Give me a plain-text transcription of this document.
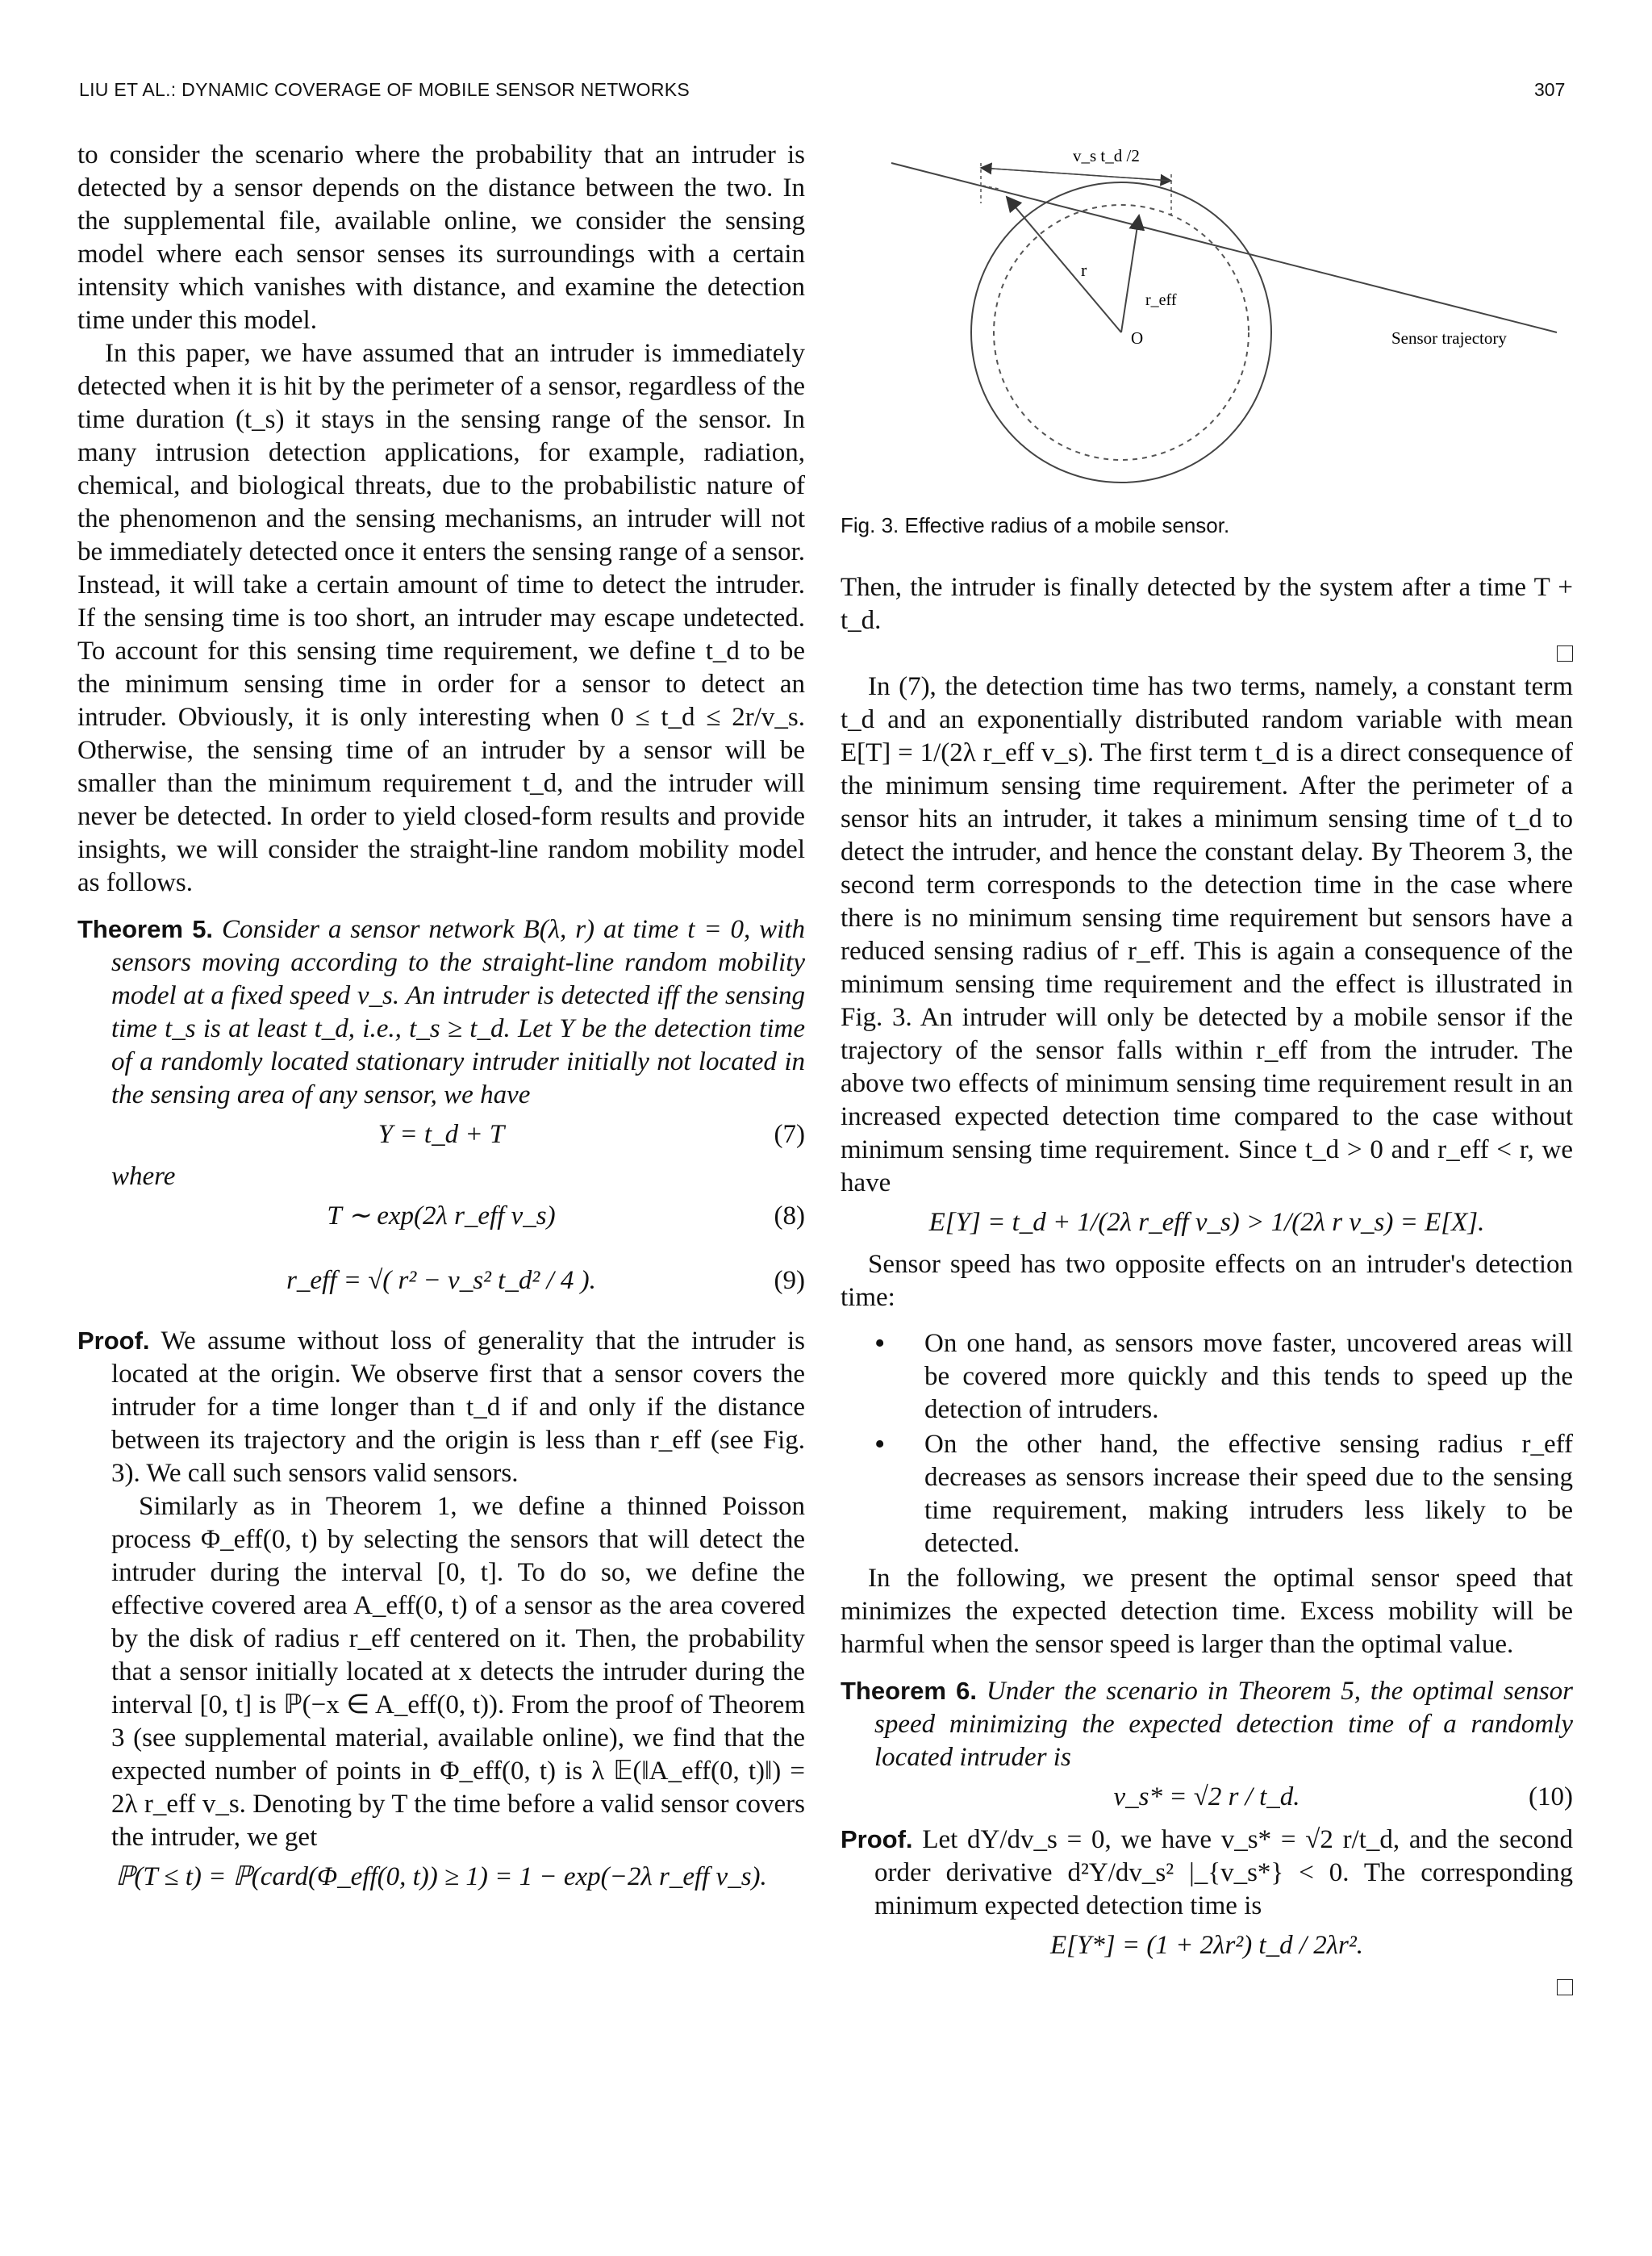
LIU ET AL.: DYNAMIC COVERAGE OF MOBILE SENSOR NETWORKS	307

to consider the scenario where the probability that an intruder is detected by a sensor depends on the distance between the two. In the supplemental file, available online, we consider the sensing model where each sensor senses its surroundings with a certain intensity which vanishes with distance, and examine the detection time under this model.

In this paper, we have assumed that an intruder is immediately detected when it is hit by the perimeter of a sensor, regardless of the time duration (t_s) it stays in the sensing range of the sensor. In many intrusion detection applications, for example, radiation, chemical, and biological threats, due to the probabilistic nature of the phenomenon and the sensing mechanisms, an intruder will not be immediately detected once it enters the sensing range of a sensor. Instead, it will take a certain amount of time to detect the intruder. If the sensing time is too short, an intruder may escape undetected. To account for this sensing time requirement, we define t_d to be the minimum sensing time in order for a sensor to detect an intruder. Obviously, it is only interesting when 0 ≤ t_d ≤ 2r/v_s. Otherwise, the sensing time of an intruder by a sensor will be smaller than the minimum requirement t_d, and the intruder will never be detected. In order to yield closed-form results and provide insights, we will consider the straight-line random mobility model as follows.

Theorem 5. Consider a sensor network B(λ, r) at time t = 0, with sensors moving according to the straight-line random mobility model at a fixed speed v_s. An intruder is detected iff the sensing time t_s is at least t_d, i.e., t_s ≥ t_d. Let Y be the detection time of a randomly located stationary intruder initially not located in the sensing area of any sensor, we have

Y = t_d + T	(7)

where

T ∼ exp(2λ r_eff v_s)	(8)
r_eff = √( r² − v_s² t_d² / 4 ).	(9)

Proof. We assume without loss of generality that the intruder is located at the origin. We observe first that a sensor covers the intruder for a time longer than t_d if and only if the distance between its trajectory and the origin is less than r_eff (see Fig. 3). We call such sensors valid sensors.

Similarly as in Theorem 1, we define a thinned Poisson process Φ_eff(0, t) by selecting the sensors that will detect the intruder during the interval [0, t]. To do so, we define the effective covered area A_eff(0, t) of a sensor as the area covered by the disk of radius r_eff centered on it. Then, the probability that a sensor initially located at x detects the intruder during the interval [0, t] is ℙ(−x ∈ A_eff(0, t)). From the proof of Theorem 3 (see supplemental material, available online), we find that the expected number of points in Φ_eff(0, t) is λ 𝔼(‖A_eff(0, t)‖) = 2λ r_eff v_s. Denoting by T the time before a valid sensor covers the intruder, we get

ℙ(T ≤ t) = ℙ(card(Φ_eff(0, t)) ≥ 1) = 1 − exp(−2λ r_eff v_s).
v_s t_d /2
r
r_eff
O	Sensor trajectory
Fig. 3. Effective radius of a mobile sensor.

Then, the intruder is finally detected by the system after a time T + t_d.

In (7), the detection time has two terms, namely, a constant term t_d and an exponentially distributed random variable with mean E[T] = 1/(2λ r_eff v_s). The first term t_d is a direct consequence of the minimum sensing time requirement. After the perimeter of a sensor hits an intruder, it takes a minimum sensing time of t_d to detect the intruder, and hence the constant delay. By Theorem 3, the second term corresponds to the detection time in the case where there is no minimum sensing time requirement but sensors have a reduced sensing radius of r_eff. This is again a consequence of the minimum sensing time requirement and the effect is illustrated in Fig. 3. An intruder will only be detected by a mobile sensor if the trajectory of the sensor falls within r_eff from the intruder. The above two effects of minimum sensing time requirement result in an increased expected detection time compared to the case without minimum sensing time requirement. Since t_d > 0 and r_eff < r, we have

E[Y] = t_d + 1/(2λ r_eff v_s) > 1/(2λ r v_s) = E[X].

Sensor speed has two opposite effects on an intruder's detection time:

• On one hand, as sensors move faster, uncovered areas will be covered more quickly and this tends to speed up the detection of intruders.
• On the other hand, the effective sensing radius r_eff decreases as sensors increase their speed due to the sensing time requirement, making intruders less likely to be detected.

In the following, we present the optimal sensor speed that minimizes the expected detection time. Excess mobility will be harmful when the sensor speed is larger than the optimal value.

Theorem 6. Under the scenario in Theorem 5, the optimal sensor speed minimizing the expected detection time of a randomly located intruder is

v_s* = √2 r / t_d.	(10)

Proof. Let dY/dv_s = 0, we have v_s* = √2 r/t_d, and the second order derivative d²Y/dv_s² |_{v_s*} < 0. The corresponding minimum expected detection time is

E[Y*] = (1 + 2λr²) t_d / 2λr².
